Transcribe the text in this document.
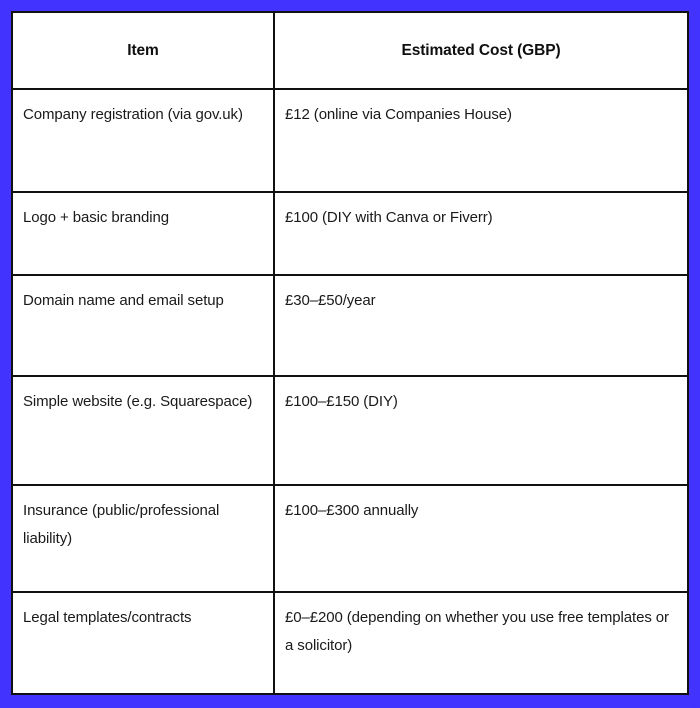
Item	Estimated Cost (GBP)

Company registration (via gov.uk)	£12 (online via Companies House)

Logo + basic branding	£100 (DIY with Canva or Fiverr)

Domain name and email setup	£30–£50/year

Simple website (e.g. Squarespace)	£100–£150 (DIY)

Insurance (public/professional liability)	£100–£300 annually

Legal templates/contracts	£0–£200 (depending on whether you use free templates or a solicitor)
